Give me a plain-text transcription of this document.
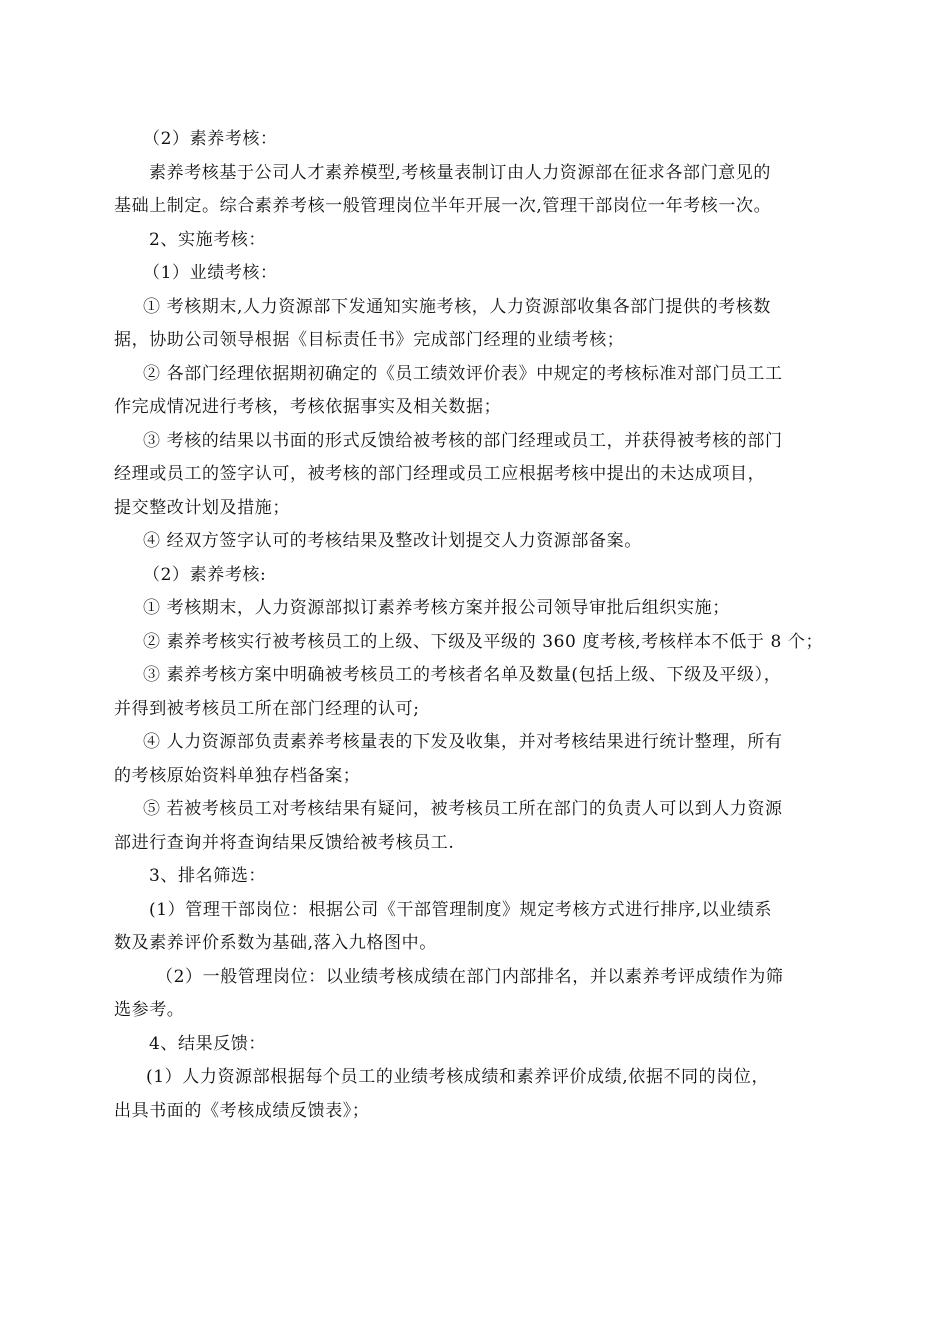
（2）素养考核：

素养考核基于公司人才素养模型,考核量表制订由人力资源部在征求各部门意见的

基础上制定。综合素养考核一般管理岗位半年开展一次,管理干部岗位一年考核一次。

2、实施考核：

（1）业绩考核：

① 考核期末,人力资源部下发通知实施考核，人力资源部收集各部门提供的考核数

据，协助公司领导根据《目标责任书》完成部门经理的业绩考核；

② 各部门经理依据期初确定的《员工绩效评价表》中规定的考核标准对部门员工工

作完成情况进行考核，考核依据事实及相关数据；

③ 考核的结果以书面的形式反馈给被考核的部门经理或员工，并获得被考核的部门

经理或员工的签字认可，被考核的部门经理或员工应根据考核中提出的未达成项目，

提交整改计划及措施；

④ 经双方签字认可的考核结果及整改计划提交人力资源部备案。

（2）素养考核:

① 考核期末，人力资源部拟订素养考核方案并报公司领导审批后组织实施；

② 素养考核实行被考核员工的上级、下级及平级的 360 度考核,考核样本不低于 8 个；

③ 素养考核方案中明确被考核员工的考核者名单及数量(包括上级、下级及平级），

并得到被考核员工所在部门经理的认可;

④ 人力资源部负责素养考核量表的下发及收集，并对考核结果进行统计整理，所有

的考核原始资料单独存档备案；

⑤ 若被考核员工对考核结果有疑问，被考核员工所在部门的负责人可以到人力资源

部进行查询并将查询结果反馈给被考核员工.

3、排名筛选：

(1）管理干部岗位：根据公司《干部管理制度》规定考核方式进行排序,以业绩系

数及素养评价系数为基础,落入九格图中。

（2）一般管理岗位：以业绩考核成绩在部门内部排名，并以素养考评成绩作为筛

选参考。

4、结果反馈：

(1）人力资源部根据每个员工的业绩考核成绩和素养评价成绩,依据不同的岗位，

出具书面的《考核成绩反馈表》；
